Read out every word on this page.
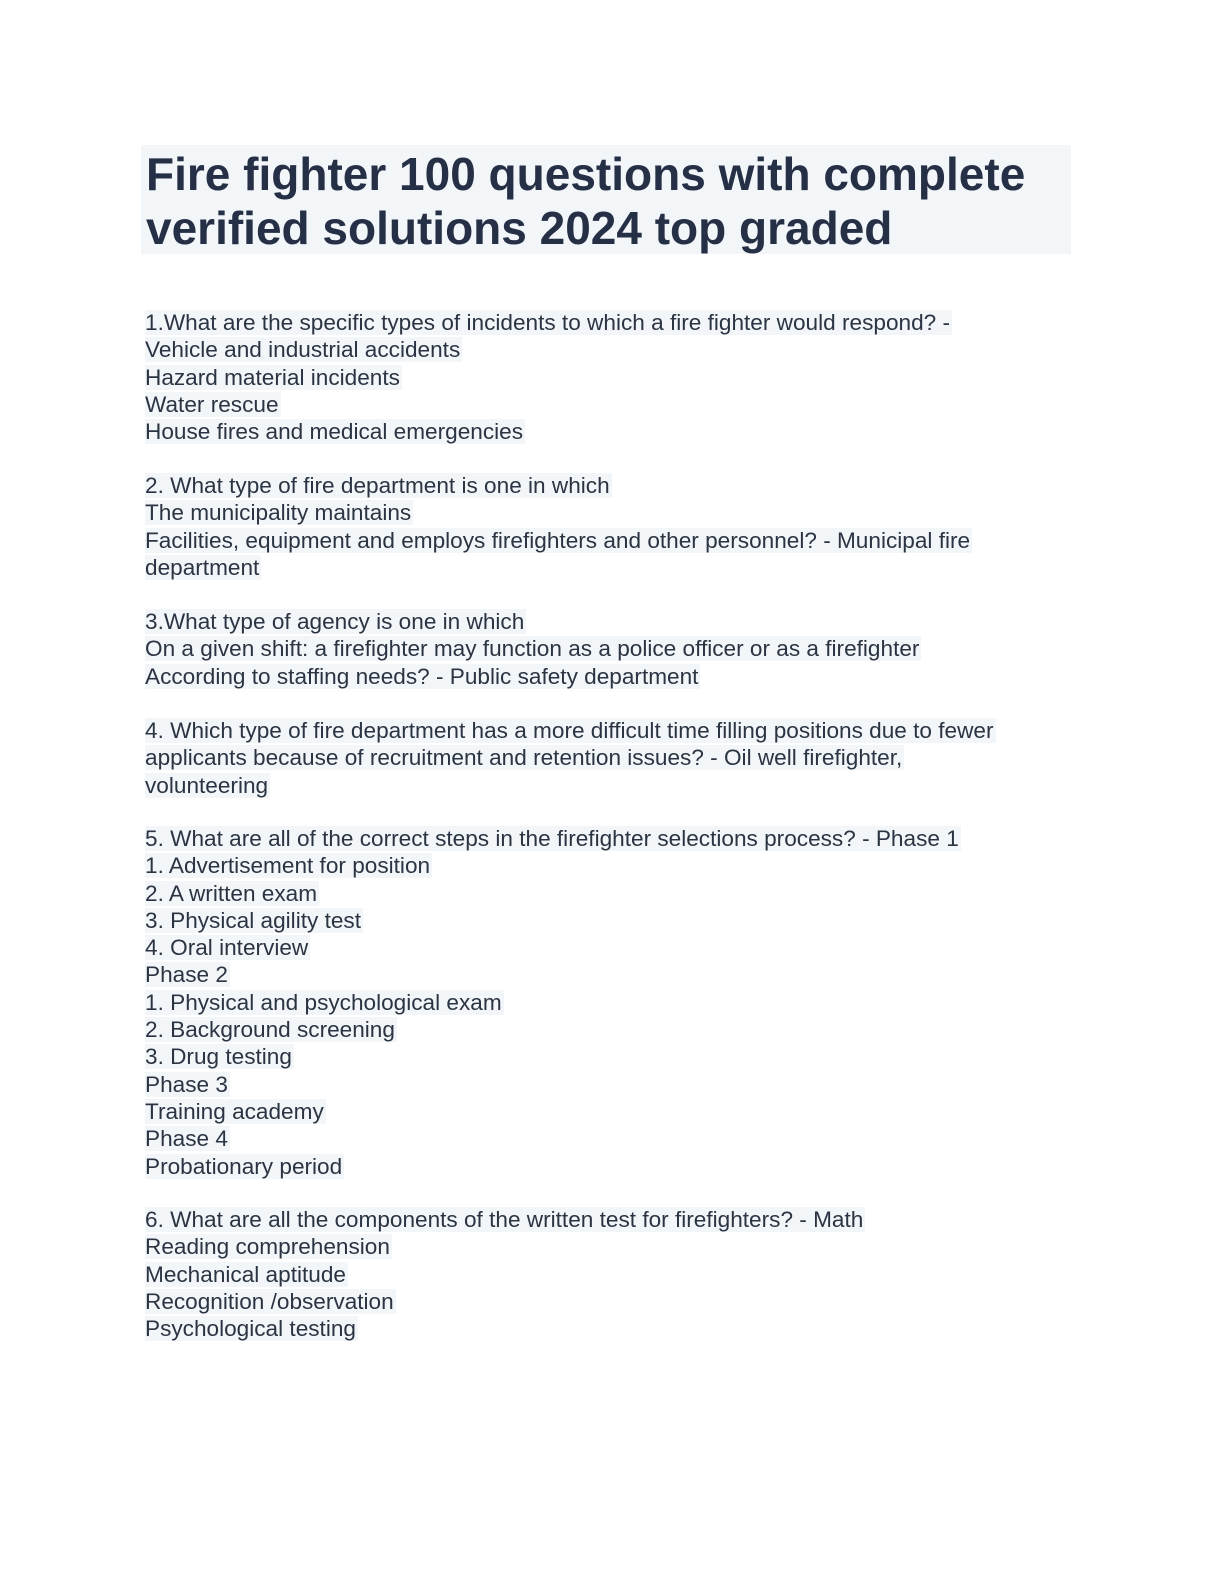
Fire fighter 100 questions with complete
verified solutions 2024 top graded
1.What are the specific types of incidents to which a fire fighter would respond? -
Vehicle and industrial accidents
Hazard material incidents
Water rescue
House fires and medical emergencies
2. What type of fire department is one in which
The municipality maintains
Facilities, equipment and employs firefighters and other personnel? - Municipal fire
department
3.What type of agency is one in which
On a given shift: a firefighter may function as a police officer or as a firefighter
According to staffing needs? - Public safety department
4. Which type of fire department has a more difficult time filling positions due to fewer
applicants because of recruitment and retention issues? - Oil well firefighter,
volunteering
5. What are all of the correct steps in the firefighter selections process? - Phase 1
1. Advertisement for position
2. A written exam
3. Physical agility test
4. Oral interview
Phase 2
1. Physical and psychological exam
2. Background screening
3. Drug testing
Phase 3
Training academy
Phase 4
Probationary period
6. What are all the components of the written test for firefighters? - Math
Reading comprehension
Mechanical aptitude
Recognition /observation
Psychological testing
